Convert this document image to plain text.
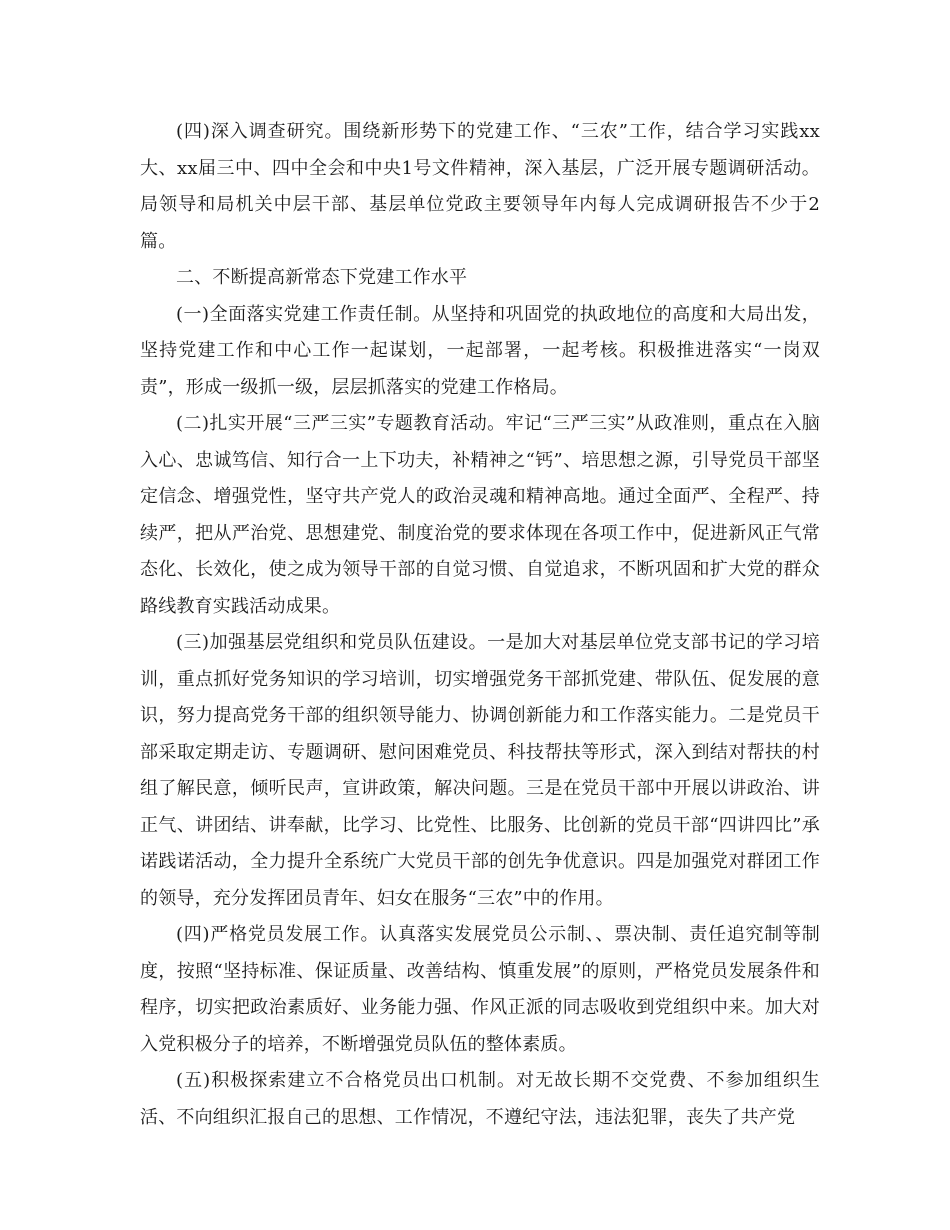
(四)深入调查研究。围绕新形势下的党建工作、“三农”工作，结合学习实践xx大、xx届三中、四中全会和中央1号文件精神，深入基层，广泛开展专题调研活动。局领导和局机关中层干部、基层单位党政主要领导年内每人完成调研报告不少于2篇。

二、不断提高新常态下党建工作水平

(一)全面落实党建工作责任制。从坚持和巩固党的执政地位的高度和大局出发，坚持党建工作和中心工作一起谋划，一起部署，一起考核。积极推进落实“一岗双责”，形成一级抓一级，层层抓落实的党建工作格局。

(二)扎实开展“三严三实”专题教育活动。牢记“三严三实”从政准则，重点在入脑入心、忠诚笃信、知行合一上下功夫，补精神之“钙”、培思想之源，引导党员干部坚定信念、增强党性，坚守共产党人的政治灵魂和精神高地。通过全面严、全程严、持续严，把从严治党、思想建党、制度治党的要求体现在各项工作中，促进新风正气常态化、长效化，使之成为领导干部的自觉习惯、自觉追求，不断巩固和扩大党的群众路线教育实践活动成果。

(三)加强基层党组织和党员队伍建设。一是加大对基层单位党支部书记的学习培训，重点抓好党务知识的学习培训，切实增强党务干部抓党建、带队伍、促发展的意识，努力提高党务干部的组织领导能力、协调创新能力和工作落实能力。二是党员干部采取定期走访、专题调研、慰问困难党员、科技帮扶等形式，深入到结对帮扶的村组了解民意，倾听民声，宣讲政策，解决问题。三是在党员干部中开展以讲政治、讲正气、讲团结、讲奉献，比学习、比党性、比服务、比创新的党员干部“四讲四比”承诺践诺活动，全力提升全系统广大党员干部的创先争优意识。四是加强党对群团工作的领导，充分发挥团员青年、妇女在服务“三农”中的作用。

(四)严格党员发展工作。认真落实发展党员公示制、、票决制、责任追究制等制度，按照“坚持标准、保证质量、改善结构、慎重发展”的原则，严格党员发展条件和程序，切实把政治素质好、业务能力强、作风正派的同志吸收到党组织中来。加大对入党积极分子的培养，不断增强党员队伍的整体素质。

(五)积极探索建立不合格党员出口机制。对无故长期不交党费、不参加组织生活、不向组织汇报自己的思想、工作情况，不遵纪守法，违法犯罪，丧失了共产党
